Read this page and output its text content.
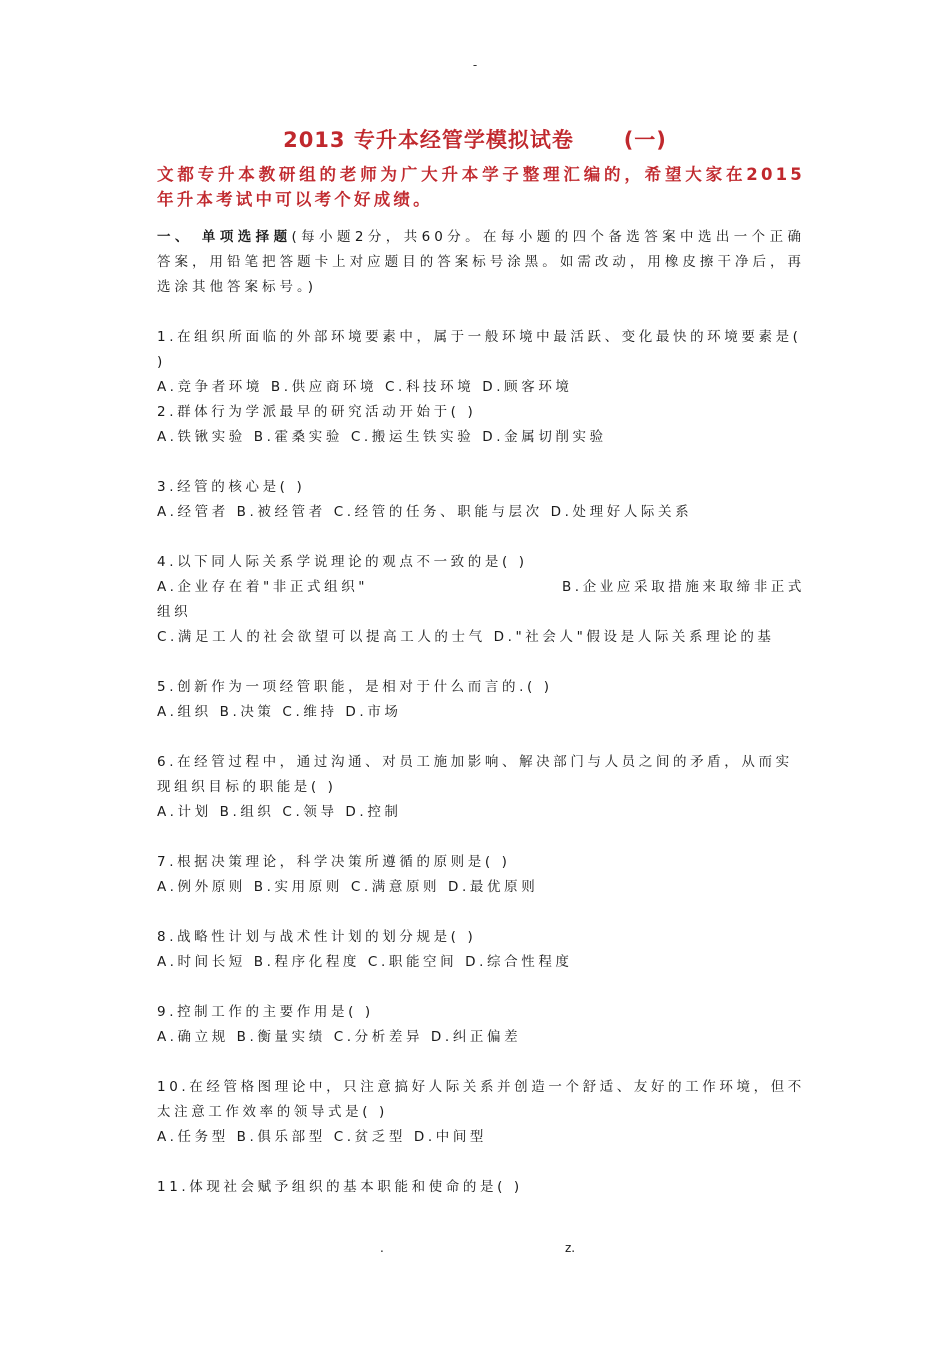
-
2013 专升本经管学模拟试卷      (一)
文都专升本教研组的老师为广大升本学子整理汇编的，希望大家在2015 年升本考试中可以考个好成绩。
一、 单项选择题(每小题2分，共60分。在每小题的四个备选答案中选出一个正确答案，用铅笔把答题卡上对应题目的答案标号涂黑。如需改动，用橡皮擦干净后，再选涂其他答案标号。)
1.在组织所面临的外部环境要素中，属于一般环境中最活跃、变化最快的环境要素是( )
A.竞争者环境 B.供应商环境 C.科技环境 D.顾客环境
2.群体行为学派最早的研究活动开始于( )
A.铁锹实验 B.霍桑实验 C.搬运生铁实验 D.金属切削实验
3.经管的核心是( )
A.经管者 B.被经管者 C.经管的任务、职能与层次 D.处理好人际关系
4.以下同人际关系学说理论的观点不一致的是( )
A.企业存在着"非正式组织"	B.企业应采取措施来取缔非正式
组织
C.满足工人的社会欲望可以提高工人的士气 D."社会人"假设是人际关系理论的基
5.创新作为一项经管职能，是相对于什么而言的.( )
A.组织 B.决策 C.维持 D.市场
6.在经管过程中，通过沟通、对员工施加影响、解决部门与人员之间的矛盾，从而实现组织目标的职能是( )
A.计划 B.组织 C.领导 D.控制
7.根据决策理论，科学决策所遵循的原则是( )
A.例外原则 B.实用原则 C.满意原则 D.最优原则
8.战略性计划与战术性计划的划分规是( )
A.时间长短 B.程序化程度 C.职能空间 D.综合性程度
9.控制工作的主要作用是( )
A.确立规 B.衡量实绩 C.分析差异 D.纠正偏差
10.在经管格图理论中，只注意搞好人际关系并创造一个舒适、友好的工作环境，但不太注意工作效率的领导式是( )
A.任务型 B.俱乐部型 C.贫乏型 D.中间型
11.体现社会赋予组织的基本职能和使命的是( )
.	z.
